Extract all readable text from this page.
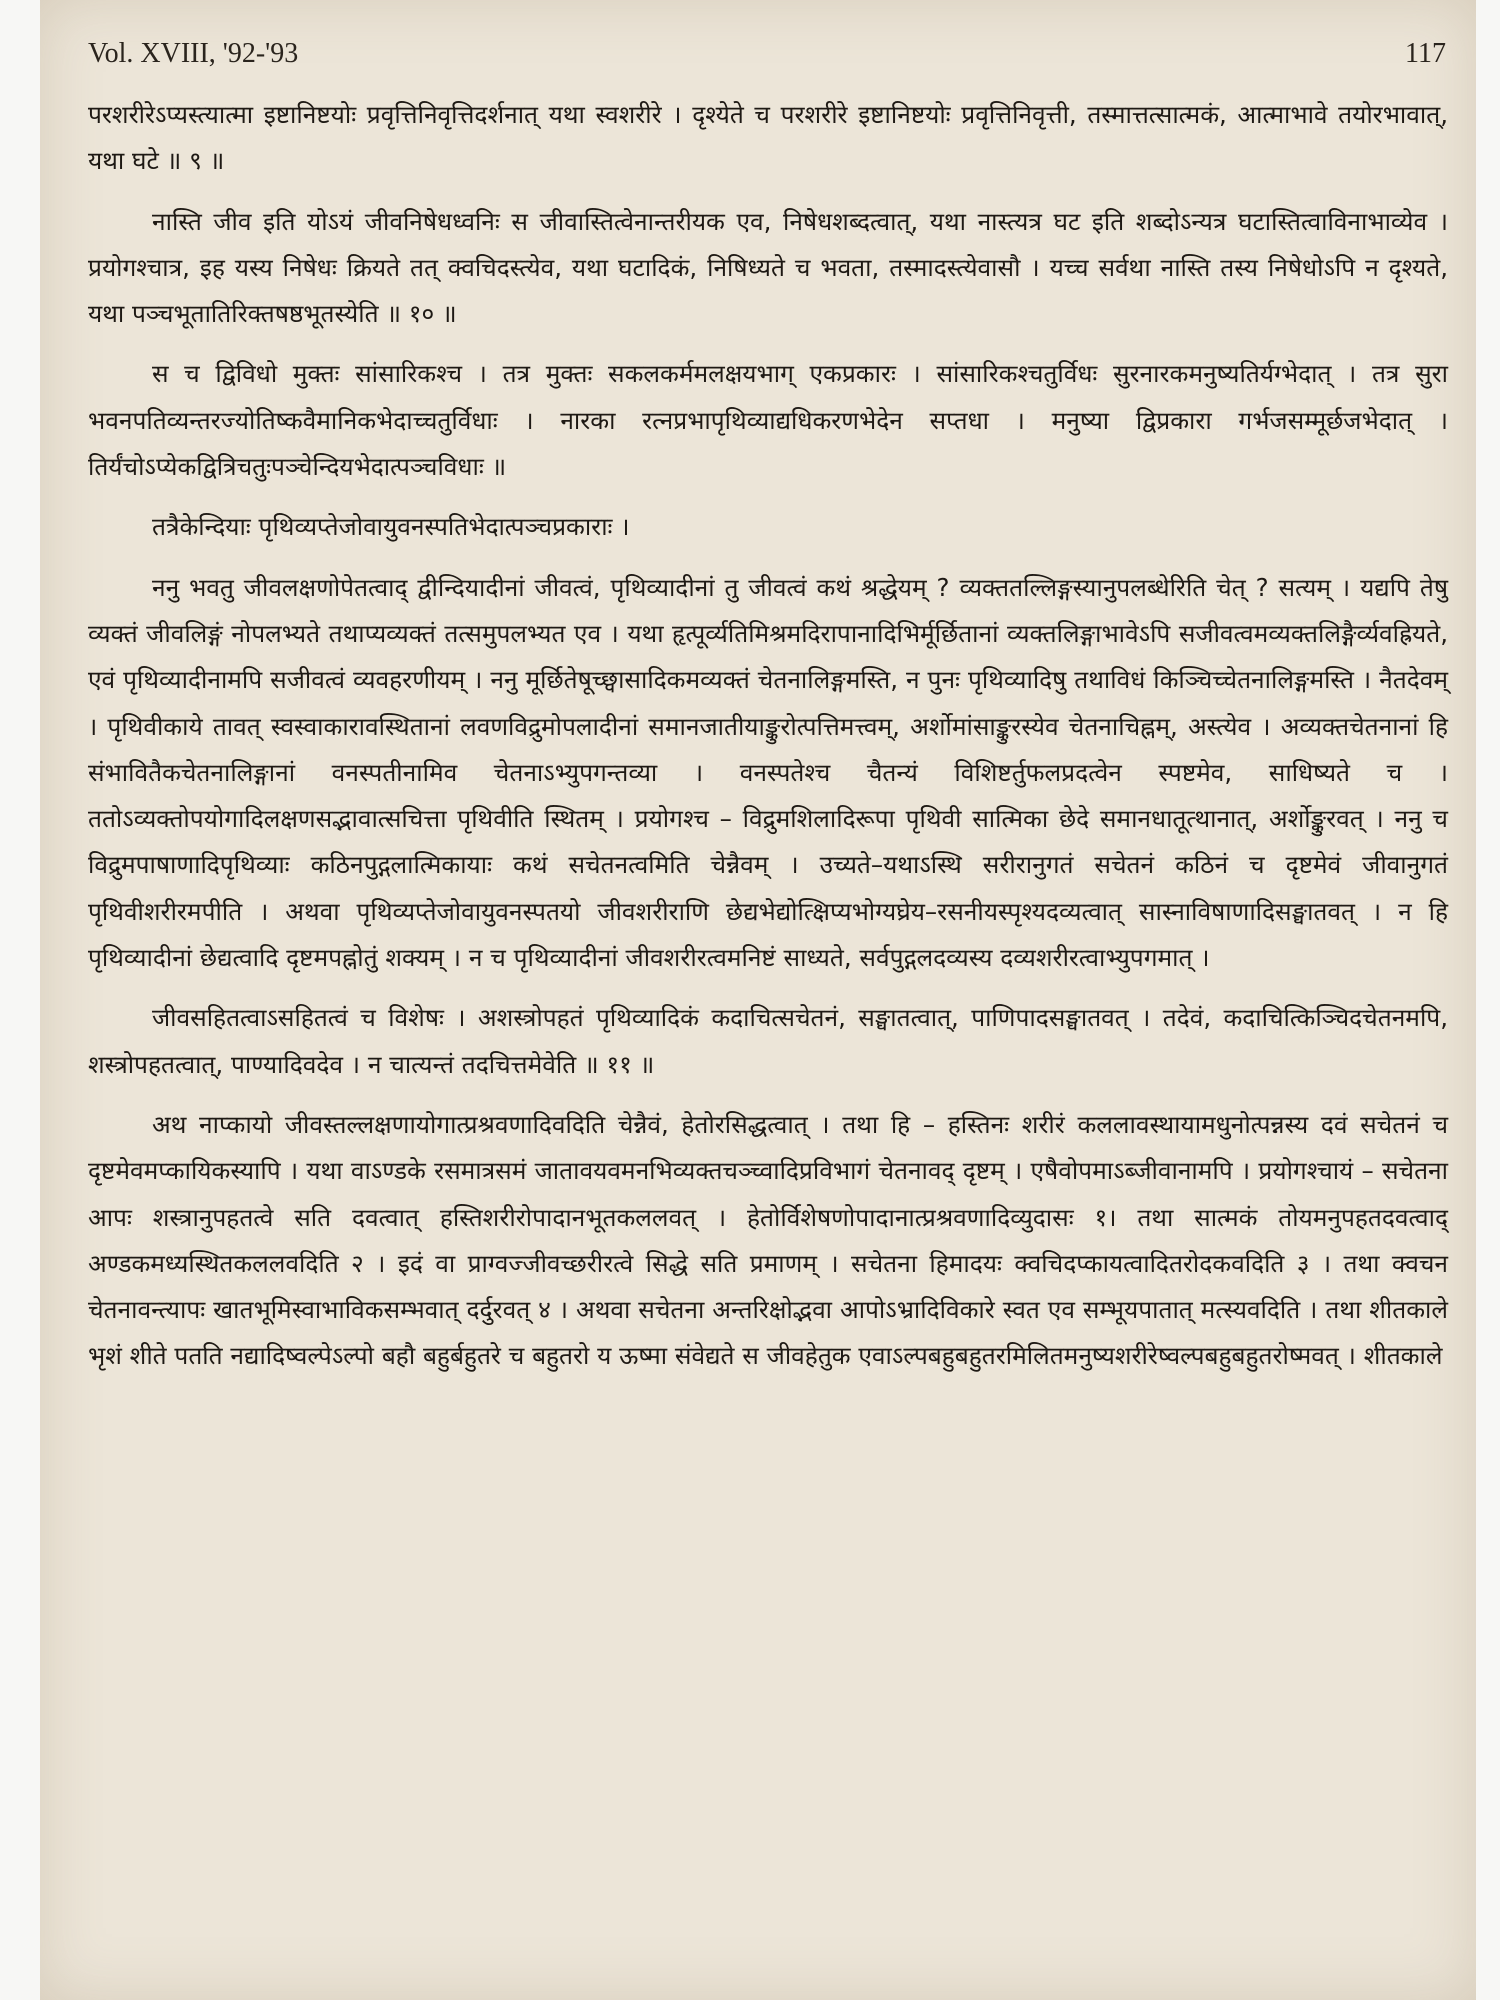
Vol. XVIII, '92-'93	117

परशरीरेऽप्यस्त्यात्मा इष्टानिष्टयोः प्रवृत्तिनिवृत्तिदर्शनात् यथा स्वशरीरे । दृश्येते च परशरीरे इष्टानिष्टयोः प्रवृत्तिनिवृत्ती, तस्मात्तत्सात्मकं, आत्माभावे तयोरभावात्, यथा घटे ॥ ९ ॥

नास्ति जीव इति योऽयं जीवनिषेधध्वनिः स जीवास्तित्वेनान्तरीयक एव, निषेधशब्दत्वात्, यथा नास्त्यत्र घट इति शब्दोऽन्यत्र घटास्तित्वाविनाभाव्येव । प्रयोगश्चात्र, इह यस्य निषेधः क्रियते तत् क्वचिदस्त्येव, यथा घटादिकं, निषिध्यते च भवता, तस्मादस्त्येवासौ । यच्च सर्वथा नास्ति तस्य निषेधोऽपि न दृश्यते, यथा पञ्चभूतातिरिक्तषष्ठभूतस्येति ॥ १० ॥

स च द्विविधो मुक्तः सांसारिकश्च । तत्र मुक्तः सकलकर्ममलक्षयभाग् एकप्रकारः । सांसारिकश्चतुर्विधः सुरनारकमनुष्यतिर्यग्भेदात् । तत्र सुरा भवनपतिव्यन्तरज्योतिष्कवैमानिकभेदाच्चतुर्विधाः । नारका रत्नप्रभापृथिव्याद्यधिकरणभेदेन सप्तधा । मनुष्या द्विप्रकारा गर्भजसम्मूर्छजभेदात् । तिर्यंचोऽप्येकद्वित्रिचतुःपञ्चेन्दियभेदात्पञ्चविधाः ॥

तत्रैकेन्दियाः पृथिव्यप्तेजोवायुवनस्पतिभेदात्पञ्चप्रकाराः ।

ननु भवतु जीवलक्षणोपेतत्वाद् द्वीन्दियादीनां जीवत्वं, पृथिव्यादीनां तु जीवत्वं कथं श्रद्धेयम् ? व्यक्ततल्लिङ्गस्यानुपलब्धेरिति चेत् ? सत्यम् । यद्यपि तेषु व्यक्तं जीवलिङ्गं नोपलभ्यते तथाप्यव्यक्तं तत्समुपलभ्यत एव । यथा हृत्पूर्व्यतिमिश्रमदिरापानादिभिर्मूर्छितानां व्यक्तलिङ्गाभावेऽपि सजीवत्वमव्यक्तलिङ्गैर्व्यवह्रियते, एवं पृथिव्यादीनामपि सजीवत्वं व्यवहरणीयम् । ननु मूर्छितेषूच्छ्वासादिकमव्यक्तं चेतनालिङ्गमस्ति, न पुनः पृथिव्यादिषु तथाविधं किञ्चिच्चेतनालिङ्गमस्ति । नैतदेवम् । पृथिवीकाये तावत् स्वस्वाकारावस्थितानां लवणविद्रुमोपलादीनां समानजातीयाङ्कुरोत्पत्तिमत्त्वम्, अर्शोमांसाङ्कुरस्येव चेतनाचिह्नम्, अस्त्येव । अव्यक्तचेतनानां हि संभावितैकचेतनालिङ्गानां वनस्पतीनामिव चेतनाऽभ्युपगन्तव्या । वनस्पतेश्च चैतन्यं विशिष्टर्तुफलप्रदत्वेन स्पष्टमेव, साधिष्यते च । ततोऽव्यक्तोपयोगादिलक्षणसद्भावात्सचित्ता पृथिवीति स्थितम् । प्रयोगश्च – विद्रुमशिलादिरूपा पृथिवी सात्मिका छेदे समानधातूत्थानात्, अर्शोङ्कुरवत् । ननु च विद्रुमपाषाणादिपृथिव्याः कठिनपुद्गलात्मिकायाः कथं सचेतनत्वमिति चेन्नैवम् । उच्यते–यथाऽस्थि सरीरानुगतं सचेतनं कठिनं च दृष्टमेवं जीवानुगतं पृथिवीशरीरमपीति । अथवा पृथिव्यप्तेजोवायुवनस्पतयो जीवशरीराणि छेद्यभेद्योत्क्षिप्यभोग्यघ्रेय–रसनीयस्पृश्यदव्यत्वात् सास्नाविषाणादिसङ्घातवत् । न हि पृथिव्यादीनां छेद्यत्वादि दृष्टमपह्नोतुं शक्यम् । न च पृथिव्यादीनां जीवशरीरत्वमनिष्टं साध्यते, सर्वपुद्गलदव्यस्य दव्यशरीरत्वाभ्युपगमात् ।

जीवसहितत्वाऽसहितत्वं च विशेषः । अशस्त्रोपहतं पृथिव्यादिकं कदाचित्सचेतनं, सङ्घातत्वात्, पाणिपादसङ्घातवत् । तदेवं, कदाचित्किञ्चिदचेतनमपि, शस्त्रोपहतत्वात्, पाण्यादिवदेव । न चात्यन्तं तदचित्तमेवेति ॥ ११ ॥

अथ नाप्कायो जीवस्तल्लक्षणायोगात्प्रश्रवणादिवदिति चेन्नैवं, हेतोरसिद्धत्वात् । तथा हि – हस्तिनः शरीरं कललावस्थायामधुनोत्पन्नस्य दवं सचेतनं च दृष्टमेवमप्कायिकस्यापि । यथा वाऽण्डके रसमात्रसमं जातावयवमनभिव्यक्तचञ्च्वादिप्रविभागं चेतनावद् दृष्टम् । एषैवोपमाऽब्जीवानामपि । प्रयोगश्चायं – सचेतना आपः शस्त्रानुपहतत्वे सति दवत्वात् हस्तिशरीरोपादानभूतकललवत् । हेतोर्विशेषणोपादानात्प्रश्रवणादिव्युदासः १। तथा सात्मकं तोयमनुपहतदवत्वाद् अण्डकमध्यस्थितकललवदिति २ । इदं वा प्राग्वज्जीवच्छरीरत्वे सिद्धे सति प्रमाणम् । सचेतना हिमादयः क्वचिदप्कायत्वादितरोदकवदिति ३ । तथा क्वचन चेतनावन्त्यापः खातभूमिस्वाभाविकसम्भवात् दर्दुरवत् ४ । अथवा सचेतना अन्तरिक्षोद्भवा आपोऽभ्रादिविकारे स्वत एव सम्भूयपातात् मत्स्यवदिति । तथा शीतकाले भृशं शीते पतति नद्यादिष्वल्पेऽल्पो बहौ बहुर्बहुतरे च बहुतरो य ऊष्मा संवेद्यते स जीवहेतुक एवाऽल्पबहुबहुतरमिलितमनुष्यशरीरेष्वल्पबहुबहुतरोष्मवत् । शीतकाले
